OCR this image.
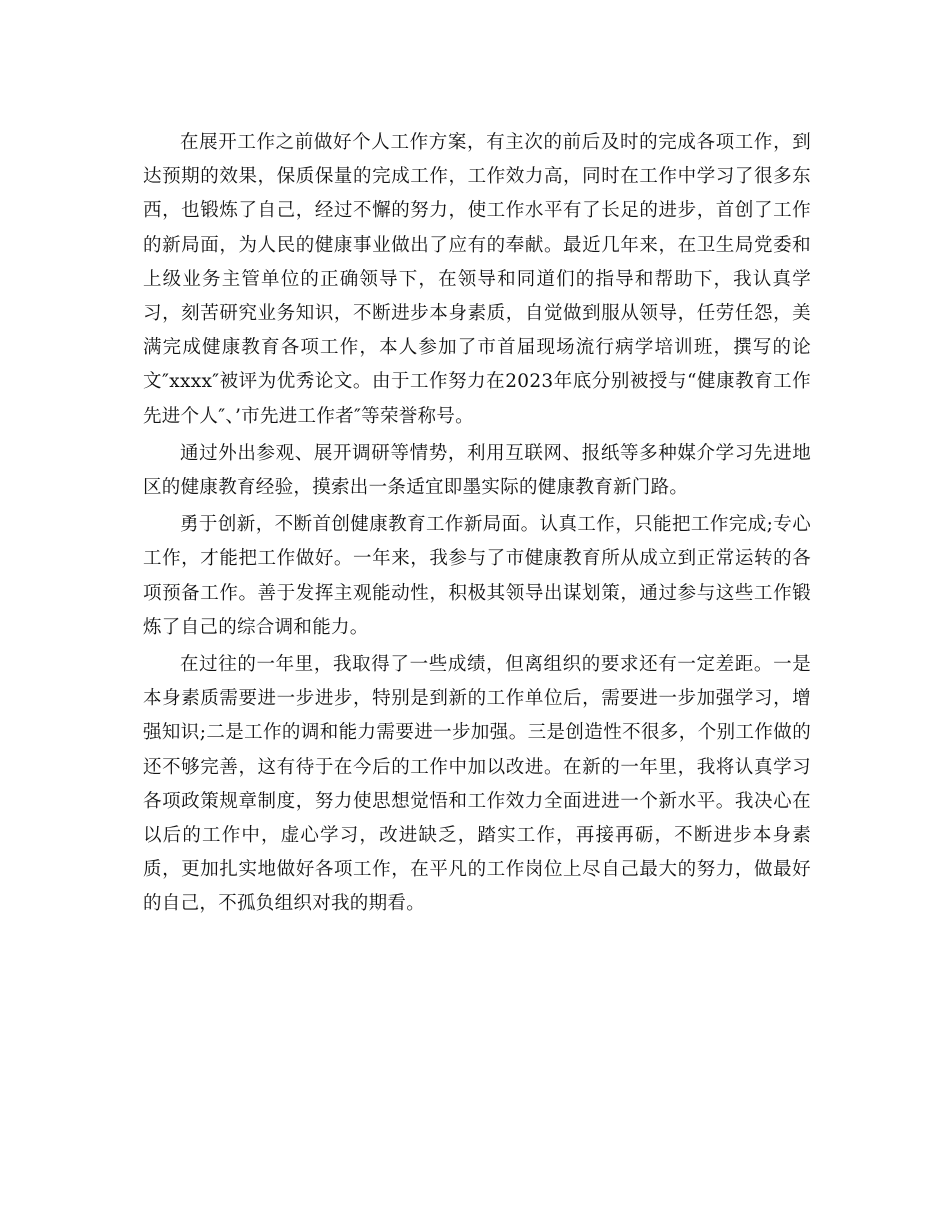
在展开工作之前做好个人工作方案，有主次的前后及时的完成各项工作，到达预期的效果，保质保量的完成工作，工作效力高，同时在工作中学习了很多东西，也锻炼了自己，经过不懈的努力，使工作水平有了长足的进步，首创了工作的新局面，为人民的健康事业做出了应有的奉献。最近几年来，在卫生局党委和上级业务主管单位的正确领导下，在领导和同道们的指导和帮助下，我认真学习，刻苦研究业务知识，不断进步本身素质，自觉做到服从领导，任劳任怨，美满完成健康教育各项工作，本人参加了市首届现场流行病学培训班，撰写的论文″xxxx″被评为优秀论文。由于工作努力在2023年底分别被授与“健康教育工作先进个人″、’市先进工作者″等荣誉称号。

通过外出参观、展开调研等情势，利用互联网、报纸等多种媒介学习先进地区的健康教育经验，摸索出一条适宜即墨实际的健康教育新门路。

勇于创新，不断首创健康教育工作新局面。认真工作，只能把工作完成;专心工作，才能把工作做好。一年来，我参与了市健康教育所从成立到正常运转的各项预备工作。善于发挥主观能动性，积极其领导出谋划策，通过参与这些工作锻炼了自己的综合调和能力。

在过往的一年里，我取得了一些成绩，但离组织的要求还有一定差距。一是本身素质需要进一步进步，特别是到新的工作单位后，需要进一步加强学习，增强知识;二是工作的调和能力需要进一步加强。三是创造性不很多，个别工作做的还不够完善，这有待于在今后的工作中加以改进。在新的一年里，我将认真学习各项政策规章制度，努力使思想觉悟和工作效力全面进进一个新水平。我决心在以后的工作中，虚心学习，改进缺乏，踏实工作，再接再砺，不断进步本身素质，更加扎实地做好各项工作，在平凡的工作岗位上尽自己最大的努力，做最好的自己，不孤负组织对我的期看。
